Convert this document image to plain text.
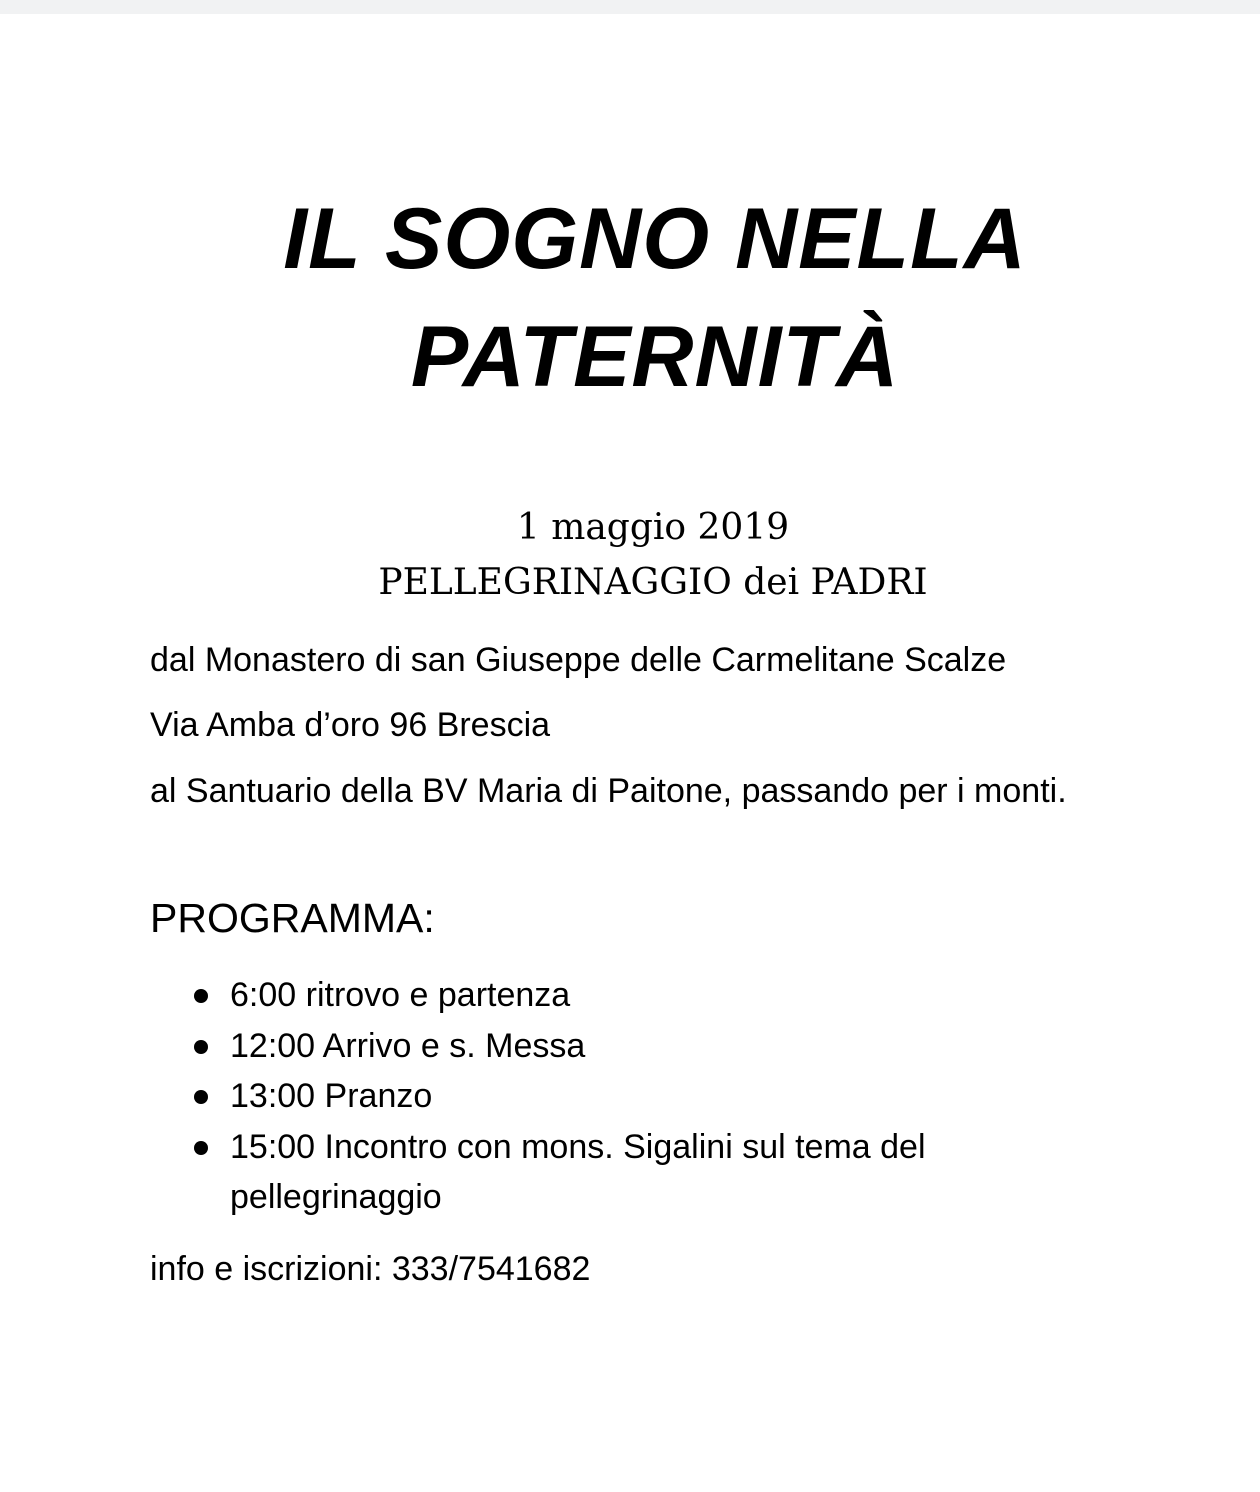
IL SOGNO NELLA
PATERNITÀ
1 maggio 2019
PELLEGRINAGGIO dei PADRI
dal Monastero di san Giuseppe delle Carmelitane Scalze
Via Amba d’oro 96 Brescia
al Santuario della BV Maria di Paitone, passando per i monti.
PROGRAMMA:
6:00 ritrovo e partenza
12:00 Arrivo e s. Messa
13:00 Pranzo
15:00 Incontro con mons. Sigalini sul tema del pellegrinaggio
info e iscrizioni: 333/7541682
